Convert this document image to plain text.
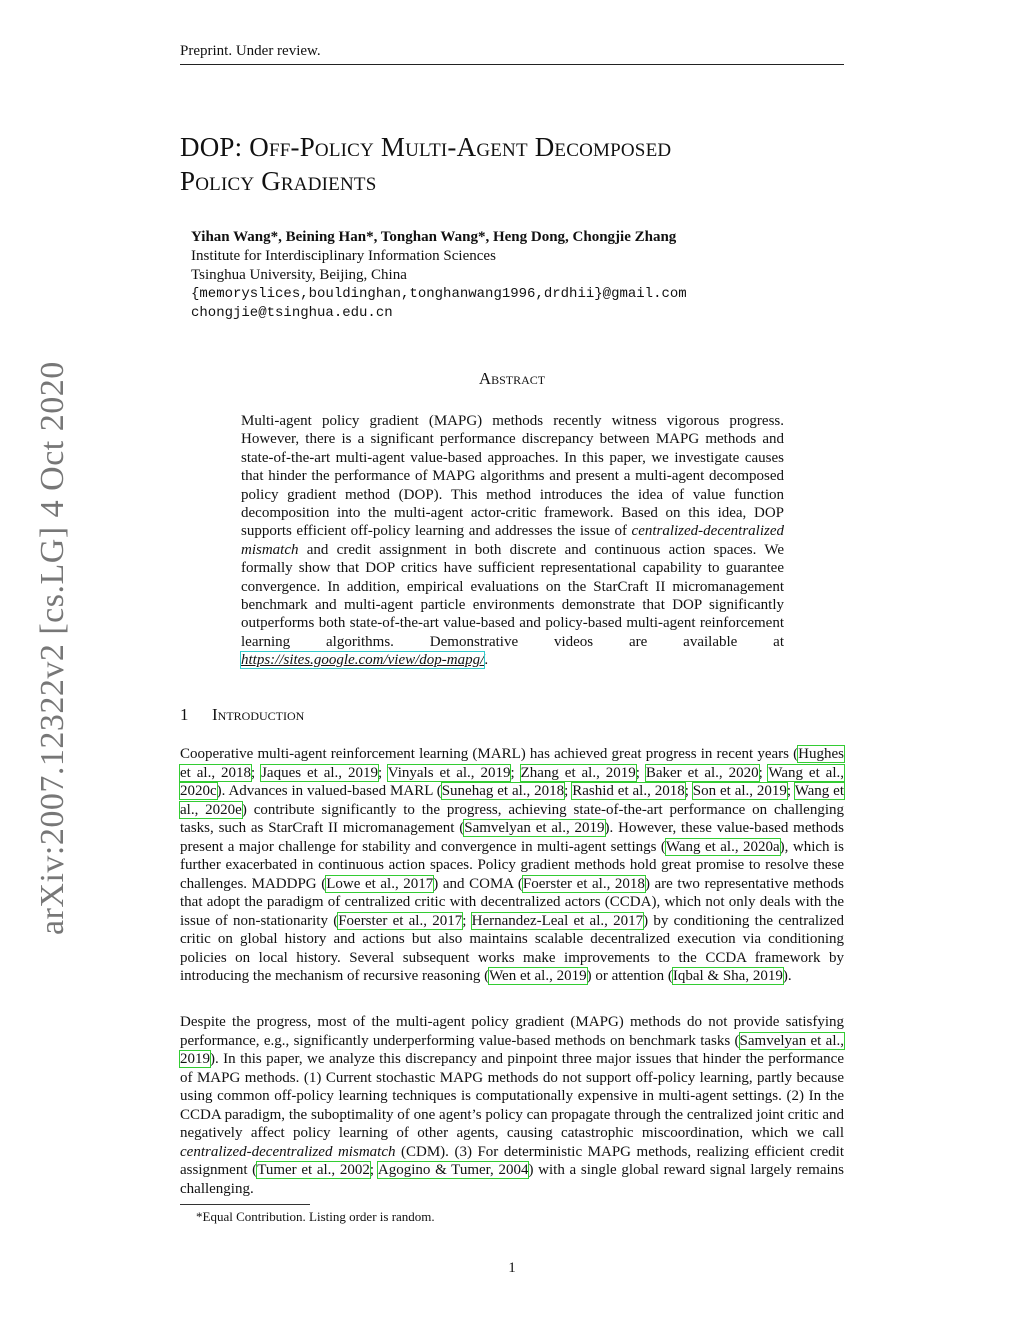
Preprint. Under review.
DOP: Off-Policy Multi-Agent Decomposed
Policy Gradients
Yihan Wang*, Beining Han*, Tonghan Wang*, Heng Dong, Chongjie Zhang
Institute for Interdisciplinary Information Sciences
Tsinghua University, Beijing, China
{memoryslices,bouldinghan,tonghanwang1996,drdhii}@gmail.com
chongjie@tsinghua.edu.cn
Abstract
Multi-agent policy gradient (MAPG) methods recently witness vigorous progress. However, there is a significant performance discrepancy between MAPG methods and state-of-the-art multi-agent value-based approaches. In this paper, we investigate causes that hinder the performance of MAPG algorithms and present a multi-agent decomposed policy gradient method (DOP). This method introduces the idea of value function decomposition into the multi-agent actor-critic framework. Based on this idea, DOP supports efficient off-policy learning and addresses the issue of centralized-decentralized mismatch and credit assignment in both discrete and continuous action spaces. We formally show that DOP critics have sufficient representational capability to guarantee convergence. In addition, empirical evaluations on the StarCraft II micromanagement benchmark and multi-agent particle environments demonstrate that DOP significantly outperforms both state-of-the-art value-based and policy-based multi-agent reinforcement learning algorithms. Demonstrative videos are available at https://sites.google.com/view/dop-mapg/.
1 Introduction
Cooperative multi-agent reinforcement learning (MARL) has achieved great progress in recent years (Hughes et al., 2018; Jaques et al., 2019; Vinyals et al., 2019; Zhang et al., 2019; Baker et al., 2020; Wang et al., 2020c). Advances in valued-based MARL (Sunehag et al., 2018; Rashid et al., 2018; Son et al., 2019; Wang et al., 2020e) contribute significantly to the progress, achieving state-of-the-art performance on challenging tasks, such as StarCraft II micromanagement (Samvelyan et al., 2019). However, these value-based methods present a major challenge for stability and convergence in multi-agent settings (Wang et al., 2020a), which is further exacerbated in continuous action spaces. Policy gradient methods hold great promise to resolve these challenges. MADDPG (Lowe et al., 2017) and COMA (Foerster et al., 2018) are two representative methods that adopt the paradigm of centralized critic with decentralized actors (CCDA), which not only deals with the issue of non-stationarity (Foerster et al., 2017; Hernandez-Leal et al., 2017) by conditioning the centralized critic on global history and actions but also maintains scalable decentralized execution via conditioning policies on local history. Several subsequent works make improvements to the CCDA framework by introducing the mechanism of recursive reasoning (Wen et al., 2019) or attention (Iqbal & Sha, 2019).
Despite the progress, most of the multi-agent policy gradient (MAPG) methods do not provide satisfying performance, e.g., significantly underperforming value-based methods on benchmark tasks (Samvelyan et al., 2019). In this paper, we analyze this discrepancy and pinpoint three major issues that hinder the performance of MAPG methods. (1) Current stochastic MAPG methods do not support off-policy learning, partly because using common off-policy learning techniques is computationally expensive in multi-agent settings. (2) In the CCDA paradigm, the suboptimality of one agent’s policy can propagate through the centralized joint critic and negatively affect policy learning of other agents, causing catastrophic miscoordination, which we call centralized-decentralized mismatch (CDM). (3) For deterministic MAPG methods, realizing efficient credit assignment (Tumer et al., 2002; Agogino & Tumer, 2004) with a single global reward signal largely remains challenging.
*Equal Contribution. Listing order is random.
1
arXiv:2007.12322v2 [cs.LG] 4 Oct 2020
